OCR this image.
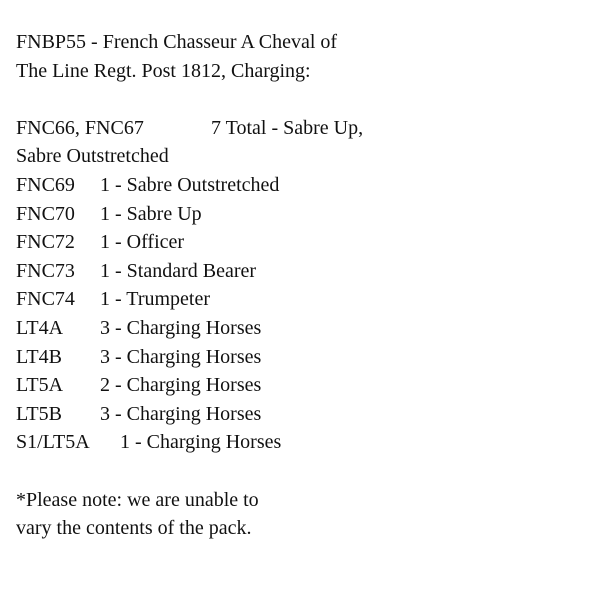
FNBP55 - French Chasseur A Cheval of
The Line Regt. Post 1812, Charging:
FNC66, FNC67	7 Total - Sabre Up,
Sabre Outstretched
FNC69	1 - Sabre Outstretched
FNC70	1 - Sabre Up
FNC72	1 - Officer
FNC73	1 - Standard Bearer
FNC74	1 - Trumpeter
LT4A	3 - Charging Horses
LT4B	3 - Charging Horses
LT5A	2 - Charging Horses
LT5B	3 - Charging Horses
S1/LT5A	1 - Charging Horses
*Please note: we are unable to
vary the contents of the pack.
